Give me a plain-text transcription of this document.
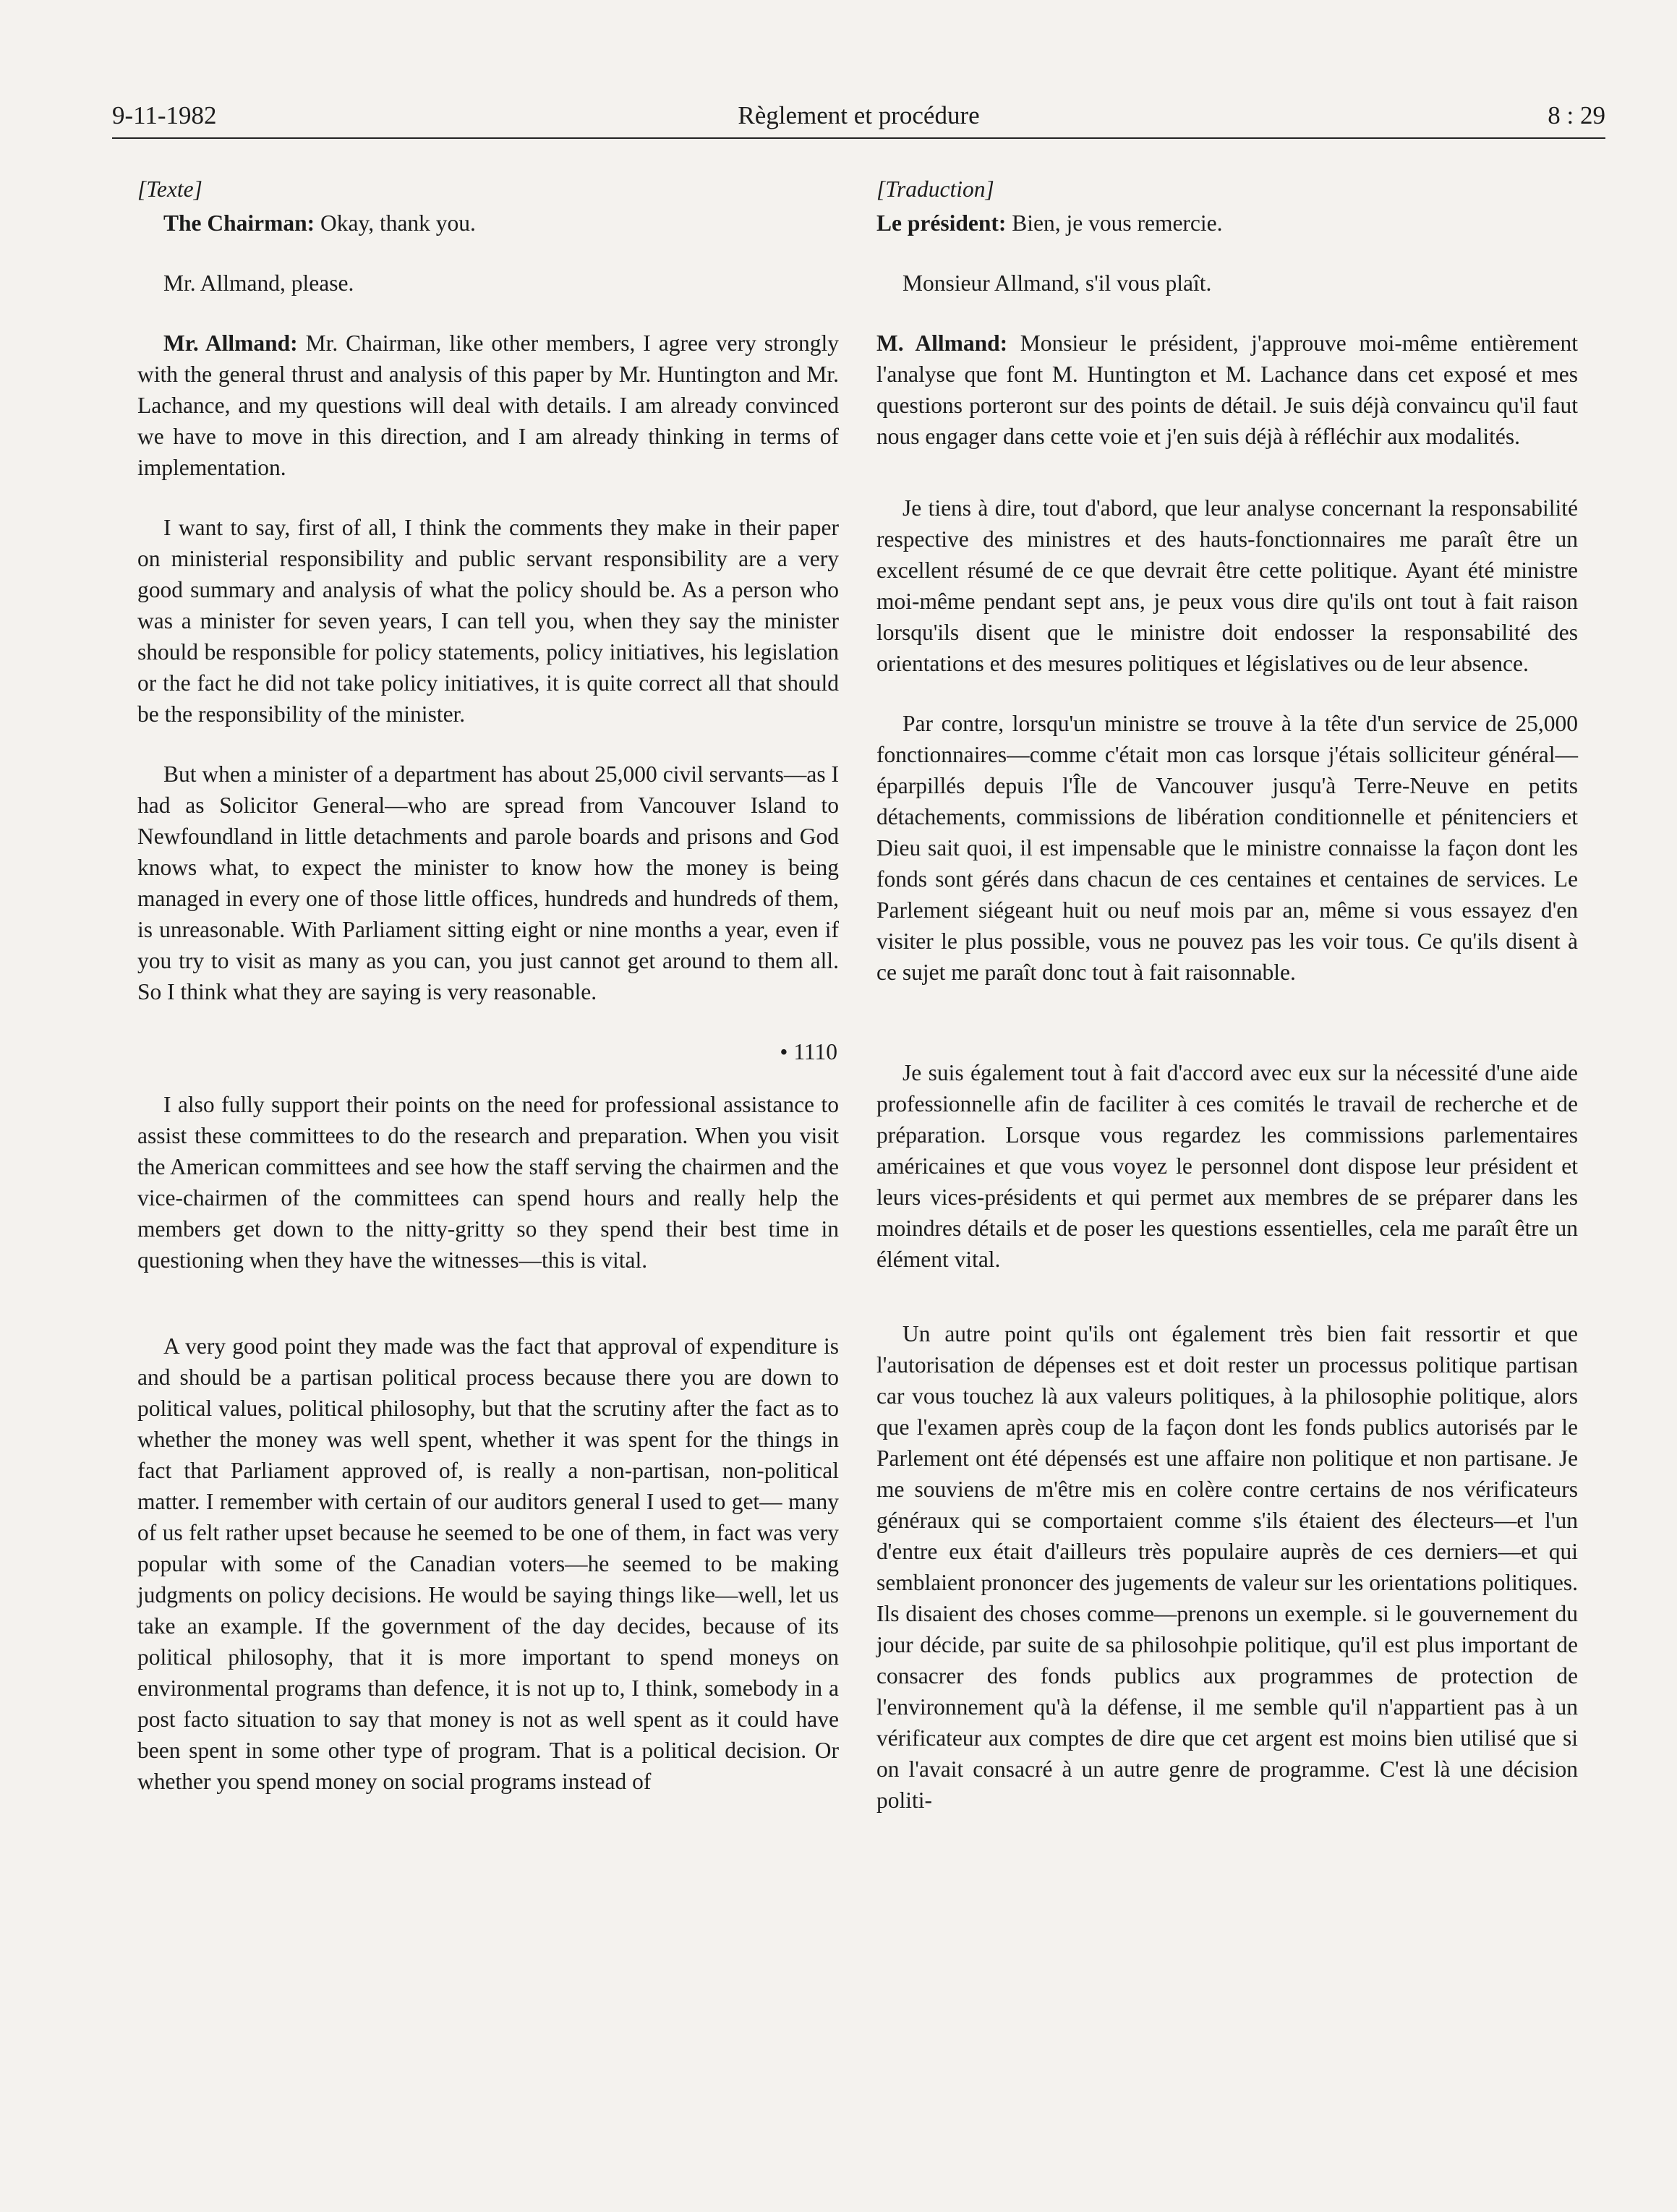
9-11-1982	Règlement et procédure	8 : 29
[Texte]

The Chairman: Okay, thank you.

Mr. Allmand, please.

Mr. Allmand: Mr. Chairman, like other members, I agree very strongly with the general thrust and analysis of this paper by Mr. Huntington and Mr. Lachance, and my questions will deal with details. I am already convinced we have to move in this direction, and I am already thinking in terms of implementation.

I want to say, first of all, I think the comments they make in their paper on ministerial responsibility and public servant responsibility are a very good summary and analysis of what the policy should be. As a person who was a minister for seven years, I can tell you, when they say the minister should be responsible for policy statements, policy initiatives, his legislation or the fact he did not take policy initiatives, it is quite correct all that should be the responsibility of the minister.

But when a minister of a department has about 25,000 civil servants—as I had as Solicitor General—who are spread from Vancouver Island to Newfoundland in little detachments and parole boards and prisons and God knows what, to expect the minister to know how the money is being managed in every one of those little offices, hundreds and hundreds of them, is unreasonable. With Parliament sitting eight or nine months a year, even if you try to visit as many as you can, you just cannot get around to them all. So I think what they are saying is very reasonable.

• 1110

I also fully support their points on the need for professional assistance to assist these committees to do the research and preparation. When you visit the American committees and see how the staff serving the chairmen and the vice-chairmen of the committees can spend hours and really help the members get down to the nitty-gritty so they spend their best time in questioning when they have the witnesses—this is vital.

A very good point they made was the fact that approval of expenditure is and should be a partisan political process because there you are down to political values, political philosophy, but that the scrutiny after the fact as to whether the money was well spent, whether it was spent for the things in fact that Parliament approved of, is really a non-partisan, non-political matter. I remember with certain of our auditors general I used to get— many of us felt rather upset because he seemed to be one of them, in fact was very popular with some of the Canadian voters—he seemed to be making judgments on policy decisions. He would be saying things like—well, let us take an example. If the government of the day decides, because of its political philosophy, that it is more important to spend moneys on environmental programs than defence, it is not up to, I think, somebody in a post facto situation to say that money is not as well spent as it could have been spent in some other type of program. That is a political decision. Or whether you spend money on social programs instead of

[Traduction]

Le président: Bien, je vous remercie.

Monsieur Allmand, s'il vous plaît.

M. Allmand: Monsieur le président, j'approuve moi-même entièrement l'analyse que font M. Huntington et M. Lachance dans cet exposé et mes questions porteront sur des points de détail. Je suis déjà convaincu qu'il faut nous engager dans cette voie et j'en suis déjà à réfléchir aux modalités.

Je tiens à dire, tout d'abord, que leur analyse concernant la responsabilité respective des ministres et des hauts-fonctionnaires me paraît être un excellent résumé de ce que devrait être cette politique. Ayant été ministre moi-même pendant sept ans, je peux vous dire qu'ils ont tout à fait raison lorsqu'ils disent que le ministre doit endosser la responsabilité des orientations et des mesures politiques et législatives ou de leur absence.

Par contre, lorsqu'un ministre se trouve à la tête d'un service de 25,000 fonctionnaires—comme c'était mon cas lorsque j'étais solliciteur général—éparpillés depuis l'Île de Vancouver jusqu'à Terre-Neuve en petits détachements, commissions de libération conditionnelle et pénitenciers et Dieu sait quoi, il est impensable que le ministre connaisse la façon dont les fonds sont gérés dans chacun de ces centaines et centaines de services. Le Parlement siégeant huit ou neuf mois par an, même si vous essayez d'en visiter le plus possible, vous ne pouvez pas les voir tous. Ce qu'ils disent à ce sujet me paraît donc tout à fait raisonnable.

Je suis également tout à fait d'accord avec eux sur la nécessité d'une aide professionnelle afin de faciliter à ces comités le travail de recherche et de préparation. Lorsque vous regardez les commissions parlementaires américaines et que vous voyez le personnel dont dispose leur président et leurs vices-présidents et qui permet aux membres de se préparer dans les moindres détails et de poser les questions essentielles, cela me paraît être un élément vital.

Un autre point qu'ils ont également très bien fait ressortir et que l'autorisation de dépenses est et doit rester un processus politique partisan car vous touchez là aux valeurs politiques, à la philosophie politique, alors que l'examen après coup de la façon dont les fonds publics autorisés par le Parlement ont été dépensés est une affaire non politique et non partisane. Je me souviens de m'être mis en colère contre certains de nos vérificateurs généraux qui se comportaient comme s'ils étaient des électeurs—et l'un d'entre eux était d'ailleurs très populaire auprès de ces derniers—et qui semblaient prononcer des jugements de valeur sur les orientations politiques. Ils disaient des choses comme—prenons un exemple. si le gouvernement du jour décide, par suite de sa philosohpie politique, qu'il est plus important de consacrer des fonds publics aux programmes de protection de l'environnement qu'à la défense, il me semble qu'il n'appartient pas à un vérificateur aux comptes de dire que cet argent est moins bien utilisé que si on l'avait consacré à un autre genre de programme. C'est là une décision politi-
